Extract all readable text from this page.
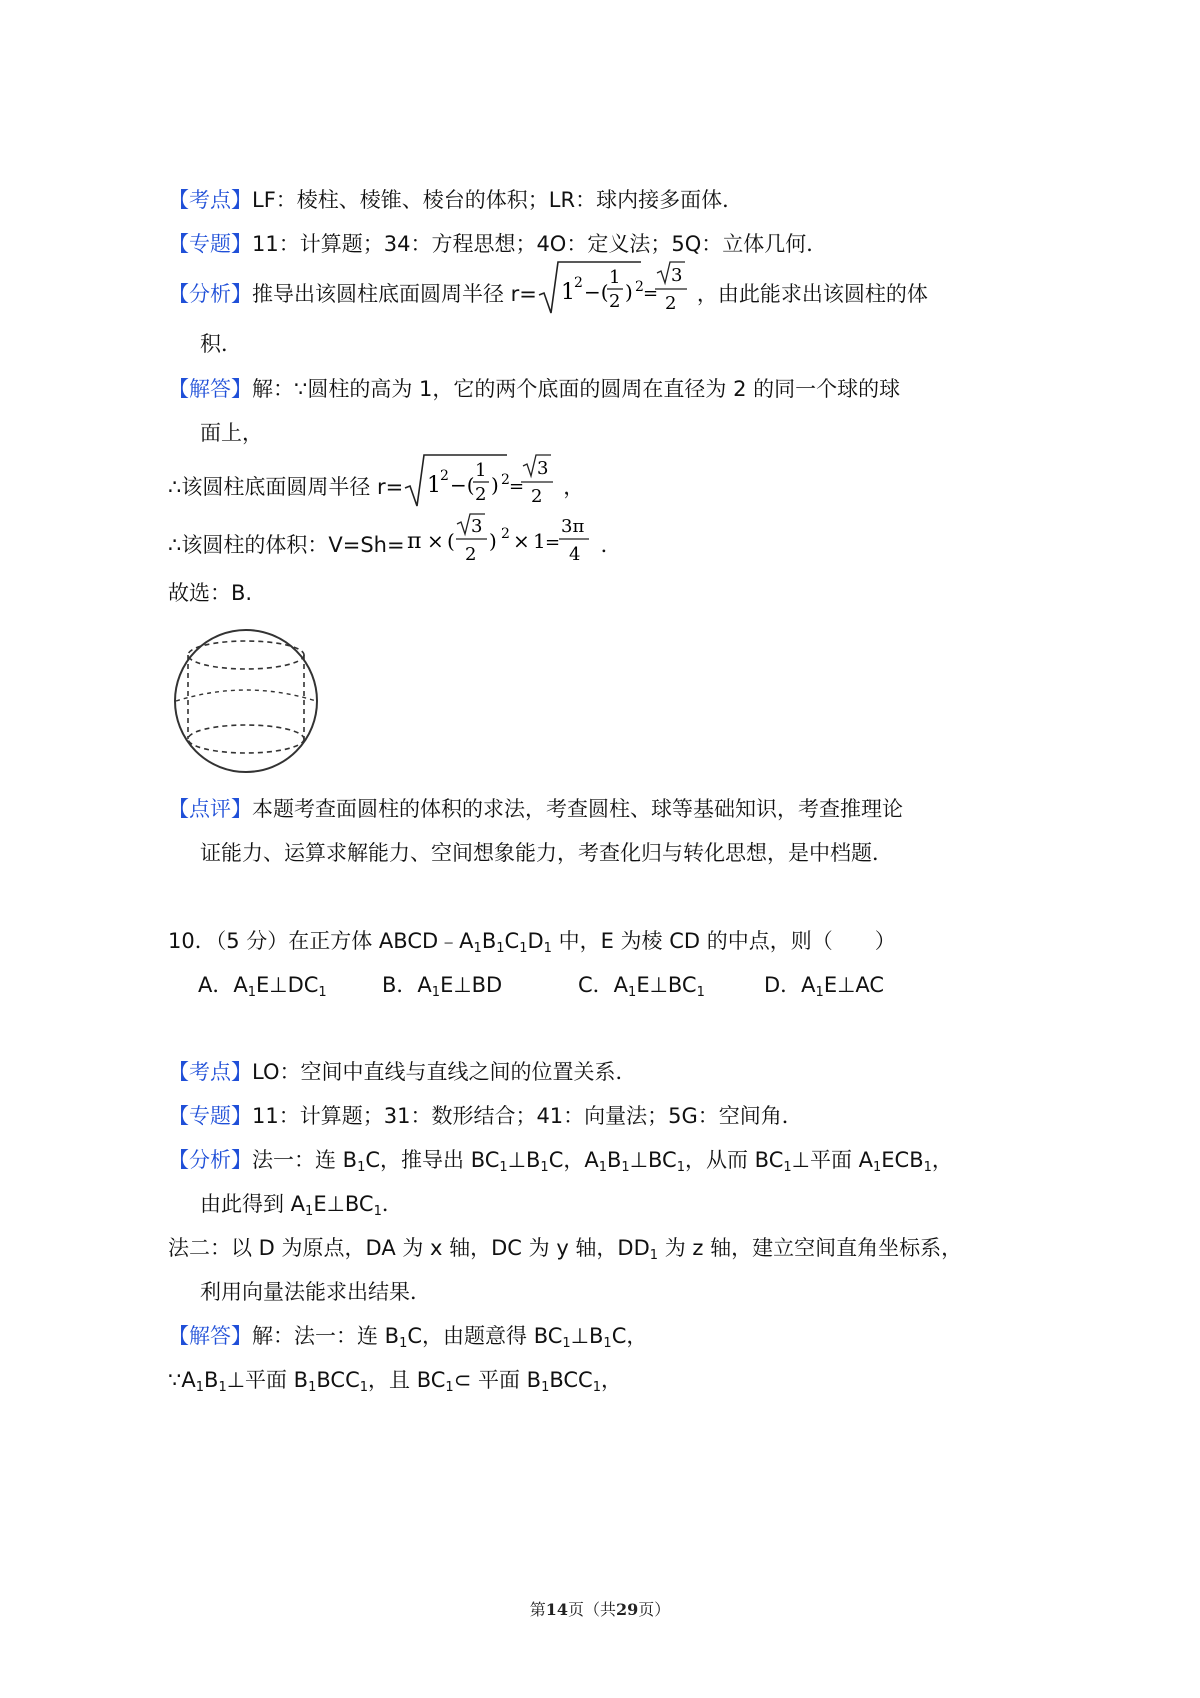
【考点】LF：棱柱、棱锥、棱台的体积；LR：球内接多面体．
【专题】11：计算题；34：方程思想；4O：定义法；5Q：立体几何．
【分析】推导出该圆柱底面圆周半径 r= 1 2 −(
1
2 ) 2 =
3
2 ，由此能求出该圆柱的体
积．
【解答】解：∵圆柱的高为 1，它的两个底面的圆周在直径为 2 的同一个球的球
面上，
∴该圆柱底面圆周半径 r= 1 2 −(
1
2 ) 2 =
3
2 ，
∴该圆柱的体积：V=Sh= π × (
3
2
) 2 × 1 =
3π
4 ．
故选：B.
【点评】本题考查面圆柱的体积的求法，考查圆柱、球等基础知识，考查推理论
证能力、运算求解能力、空间想象能力，考查化归与转化思想，是中档题．
10．（5 分）在正方体 $ABCD﹣A_1B_1C_1D_1$ 中，E 为棱 CD 的中点，则（　　）
A．$A_1E\perp DC_1$	B．$A_1E\perp BD$	C．$A_1E\perp BC_1$	D．$A_1E\perp AC$
【考点】LO：空间中直线与直线之间的位置关系．
【专题】11：计算题；31：数形结合；41：向量法；5G：空间角．
【分析】法一：连 $B_1C$，推导出 $BC_1\perp B_1C$，$A_1B_1\perp BC_1$，从而 $BC_1\perp$平面 $A_1ECB_1$，
由此得到 $A_1E\perp BC_1$．
法二：以 D 为原点，DA 为 x 轴，DC 为 y 轴，$DD_1$ 为 z 轴，建立空间直角坐标系，
利用向量法能求出结果．
【解答】解：法一：连 $B_1C$，由题意得 $BC_1\perp B_1C$，
$\because A_1B_1\perp$平面 $B_1BCC_1$，且 $BC_1\subset$ 平面 $B_1BCC_1$，
第14页（共29页）
